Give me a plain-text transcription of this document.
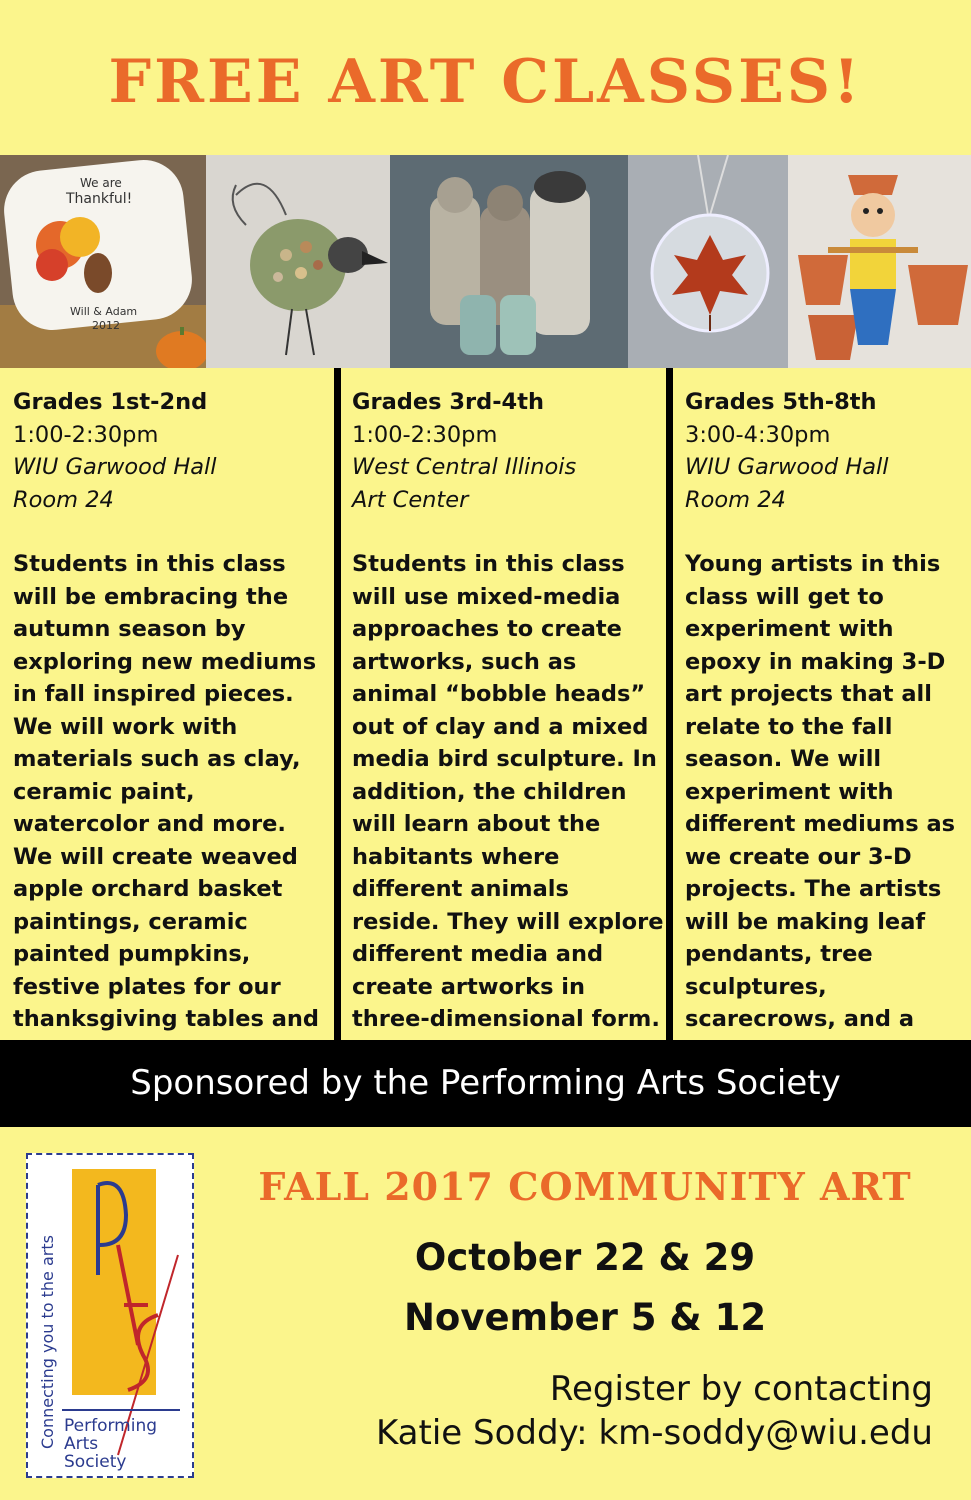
FREE ART CLASSES!
We are
Thankful!
Will & Adam
2012
Grades 1st-2nd
1:00-2:30pm
WIU Garwood Hall
Room 24
Students in this class will be embracing the autumn season by exploring new mediums in fall inspired pieces. We will work with materials such as clay, ceramic paint, watercolor and more. We will create weaved apple orchard basket paintings, ceramic painted pumpkins, festive plates for our thanksgiving tables and
Grades 3rd-4th
1:00-2:30pm
West Central Illinois
Art Center
Students in this class will use mixed-media approaches to create artworks, such as animal “bobble heads” out of clay and a mixed media bird sculpture. In addition, the children will learn about the habitants where different animals reside. They will explore different media and create artworks in three-dimensional form.
Grades 5th-8th
3:00-4:30pm
WIU Garwood Hall
Room 24
Young artists in this class will get to experiment with epoxy in making 3-D art projects that all relate to the fall season. We will experiment with different mediums as we create our 3-D projects. The artists will be making leaf pendants, tree sculptures, scarecrows, and a
Sponsored by the Performing Arts Society
Connecting you to the arts Performing
Arts
Society
FALL 2017 COMMUNITY ART
October 22 & 29
November 5 & 12
Register by contacting
Katie Soddy: km-soddy@wiu.edu
